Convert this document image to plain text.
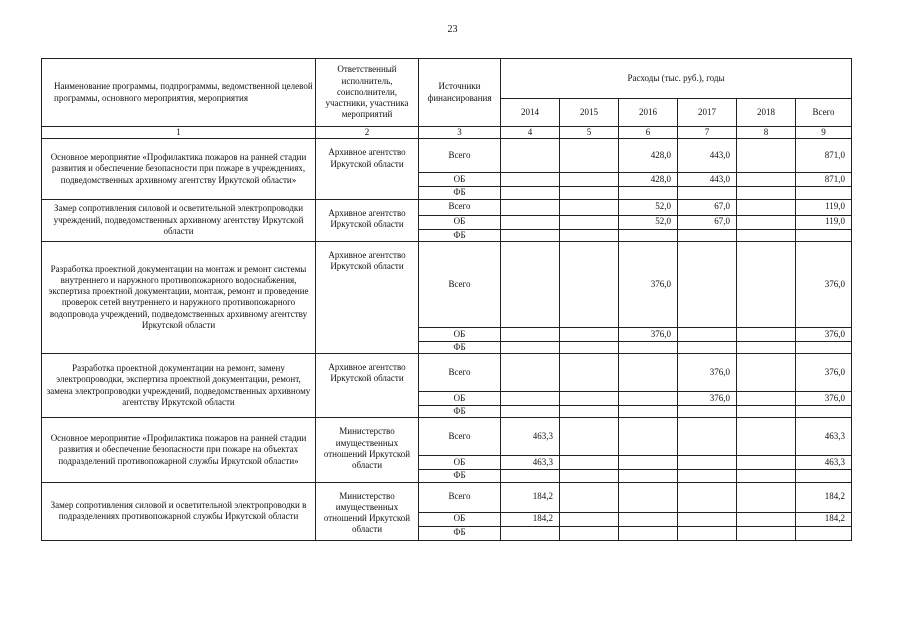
23
Наименование программы, подпрограммы, ведомственной целевой программы, основного мероприятия, мероприятия	Ответственный исполнитель, соисполнители, участники, участника мероприятий	Источники финансирования	Расходы (тыс. руб.), годы					
			2014	2015	2016	2017	2018	Всего
1	2	3	4	5	6	7	8	9
Основное мероприятие «Профилактика пожаров на ранней стадии развития и обеспечение безопасности при пожаре в учреждениях, подведомственных архивному агентству Иркутской области»	Архивное агентство Иркутской области	Всего			428,0	443,0		871,0
		ОБ			428,0	443,0		871,0
		ФБ						
Замер сопротивления силовой и осветительной электропроводки учреждений, подведомственных архивному агентству Иркутской области	Архивное агентство Иркутской области	Всего			52,0	67,0		119,0
		ОБ			52,0	67,0		119,0
		ФБ						
Разработка проектной документации на монтаж и ремонт системы внутреннего и наружного противопожарного водоснабжения, экспертиза проектной документации, монтаж, ремонт и проведение проверок сетей внутреннего и наружного противопожарного водопровода учреждений, подведомственных архивному агентству Иркутской области	Архивное агентство Иркутской области	Всего			376,0			376,0
		ОБ			376,0			376,0
		ФБ						
Разработка проектной документации на ремонт, замену электропроводки, экспертиза проектной документации, ремонт, замена электропроводки учреждений, подведомственных архивному агентству Иркутской области	Архивное агентство Иркутской области	Всего				376,0		376,0
		ОБ				376,0		376,0
		ФБ						
Основное мероприятие «Профилактика пожаров на ранней стадии развития и обеспечение безопасности при пожаре на объектах подразделений противопожарной службы Иркутской области»	Министерство имущественных отношений Иркутской области	Всего	463,3					463,3
		ОБ	463,3					463,3
		ФБ						
Замер сопротивления силовой и осветительной электропроводки в подразделениях противопожарной службы Иркутской области	Министерство имущественных отношений Иркутской области	Всего	184,2					184,2
		ОБ	184,2					184,2
		ФБ						
